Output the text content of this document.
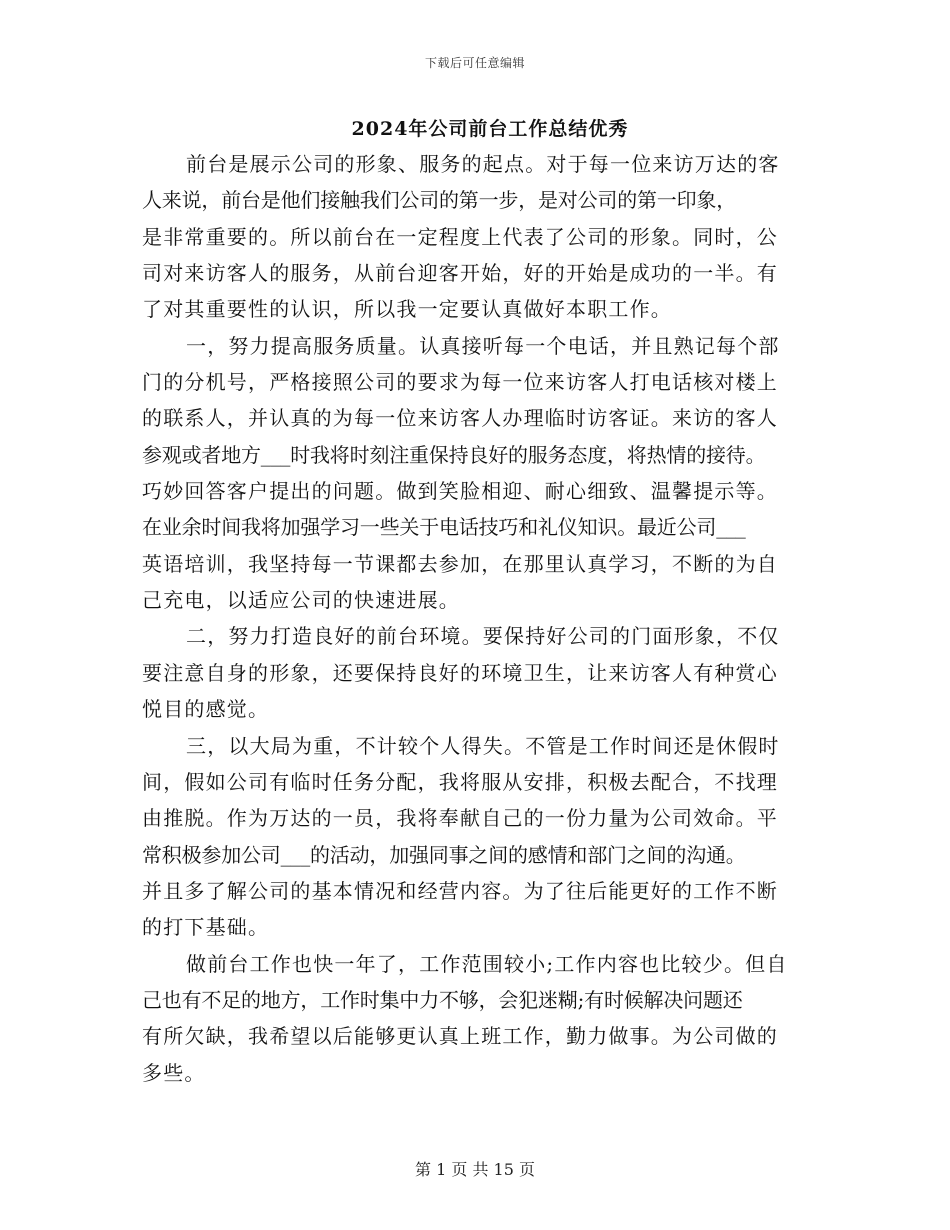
下载后可任意编辑
2024年公司前台工作总结优秀
前台是展示公司的形象、服务的起点。对于每一位来访万达的客
人来说，前台是他们接触我们公司的第一步，是对公司的第一印象，
是非常重要的。所以前台在一定程度上代表了公司的形象。同时，公
司对来访客人的服务，从前台迎客开始，好的开始是成功的一半。有
了对其重要性的认识，所以我一定要认真做好本职工作。
一，努力提高服务质量。认真接听每一个电话，并且熟记每个部
门的分机号，严格接照公司的要求为每一位来访客人打电话核对楼上
的联系人，并认真的为每一位来访客人办理临时访客证。来访的客人
参观或者地方___时我将时刻注重保持良好的服务态度，将热情的接待。
巧妙回答客户提出的问题。做到笑脸相迎、耐心细致、温馨提示等。
在业余时间我将加强学习一些关于电话技巧和礼仪知识。最近公司___
英语培训，我坚持每一节课都去参加，在那里认真学习，不断的为自
己充电，以适应公司的快速进展。
二，努力打造良好的前台环境。要保持好公司的门面形象，不仅
要注意自身的形象，还要保持良好的环境卫生，让来访客人有种赏心
悦目的感觉。
三，以大局为重，不计较个人得失。不管是工作时间还是休假时
间，假如公司有临时任务分配，我将服从安排，积极去配合，不找理
由推脱。作为万达的一员，我将奉献自己的一份力量为公司效命。平
常积极参加公司___的活动，加强同事之间的感情和部门之间的沟通。
并且多了解公司的基本情况和经营内容。为了往后能更好的工作不断
的打下基础。
做前台工作也快一年了，工作范围较小;工作内容也比较少。但自
己也有不足的地方，工作时集中力不够，会犯迷糊;有时候解决问题还
有所欠缺，我希望以后能够更认真上班工作，勤力做事。为公司做的
多些。
第 1 页 共 15 页
